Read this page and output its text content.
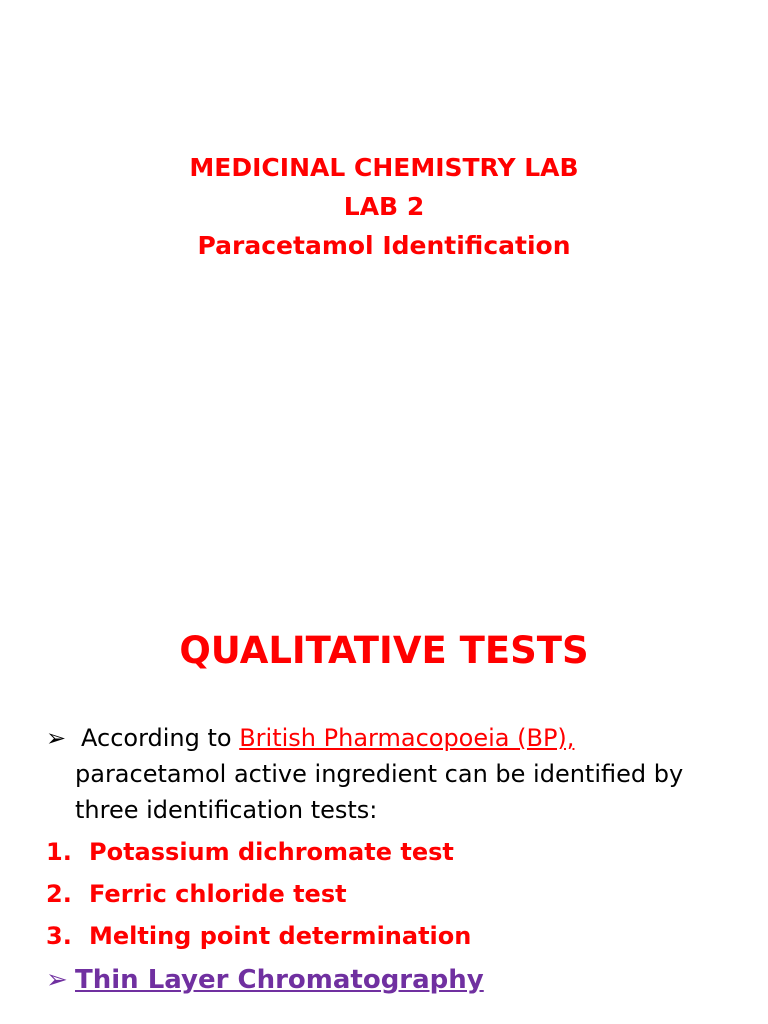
MEDICINAL CHEMISTRY LAB
LAB 2
Paracetamol Identification
QUALITATIVE TESTS
➢ According to British Pharmacopoeia (BP),
paracetamol active ingredient can be identified by
three identification tests:
1. Potassium dichromate test
2. Ferric chloride test
3. Melting point determination
➢ Thin Layer Chromatography
